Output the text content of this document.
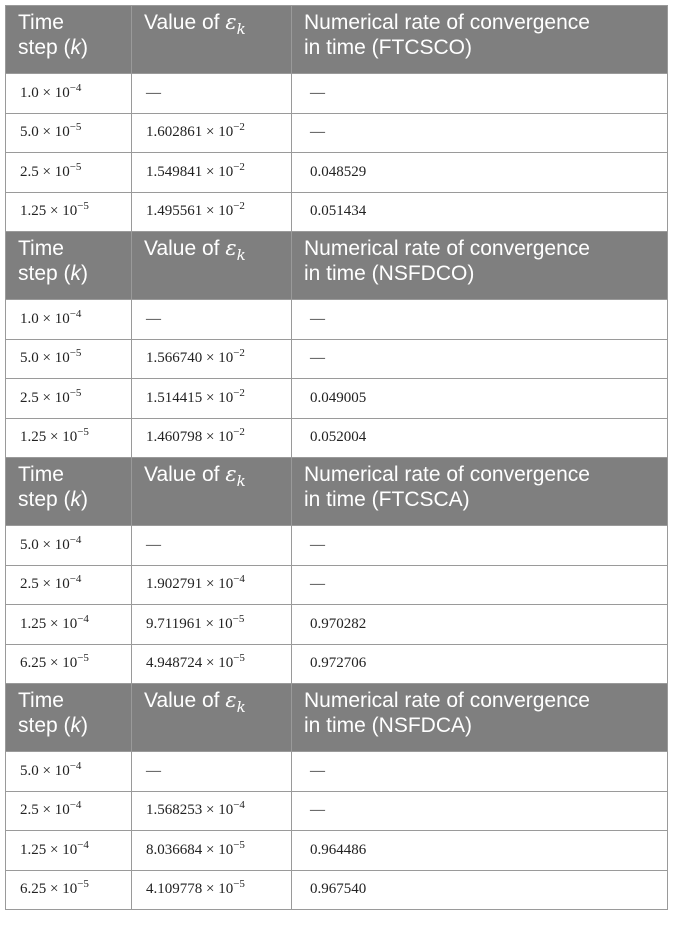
Time
step (k)	Value of $\varepsilon_k$	Numerical rate of convergence
in time (FTCSCO)

$1.0 \times 10^{-4}$	—	—
$5.0 \times 10^{-5}$	$1.602861 \times 10^{-2}$	—
$2.5 \times 10^{-5}$	$1.549841 \times 10^{-2}$	0.048529
$1.25 \times 10^{-5}$	$1.495561 \times 10^{-2}$	0.051434

Time
step (k)	Value of $\varepsilon_k$	Numerical rate of convergence
in time (NSFDCO)

$1.0 \times 10^{-4}$	—	—
$5.0 \times 10^{-5}$	$1.566740 \times 10^{-2}$	—
$2.5 \times 10^{-5}$	$1.514415 \times 10^{-2}$	0.049005
$1.25 \times 10^{-5}$	$1.460798 \times 10^{-2}$	0.052004

Time
step (k)	Value of $\varepsilon_k$	Numerical rate of convergence
in time (FTCSCA)

$5.0 \times 10^{-4}$	—	—
$2.5 \times 10^{-4}$	$1.902791 \times 10^{-4}$	—
$1.25 \times 10^{-4}$	$9.711961 \times 10^{-5}$	0.970282
$6.25 \times 10^{-5}$	$4.948724 \times 10^{-5}$	0.972706

Time
step (k)	Value of $\varepsilon_k$	Numerical rate of convergence
in time (NSFDCA)

$5.0 \times 10^{-4}$	—	—
$2.5 \times 10^{-4}$	$1.568253 \times 10^{-4}$	—
$1.25 \times 10^{-4}$	$8.036684 \times 10^{-5}$	0.964486
$6.25 \times 10^{-5}$	$4.109778 \times 10^{-5}$	0.967540
